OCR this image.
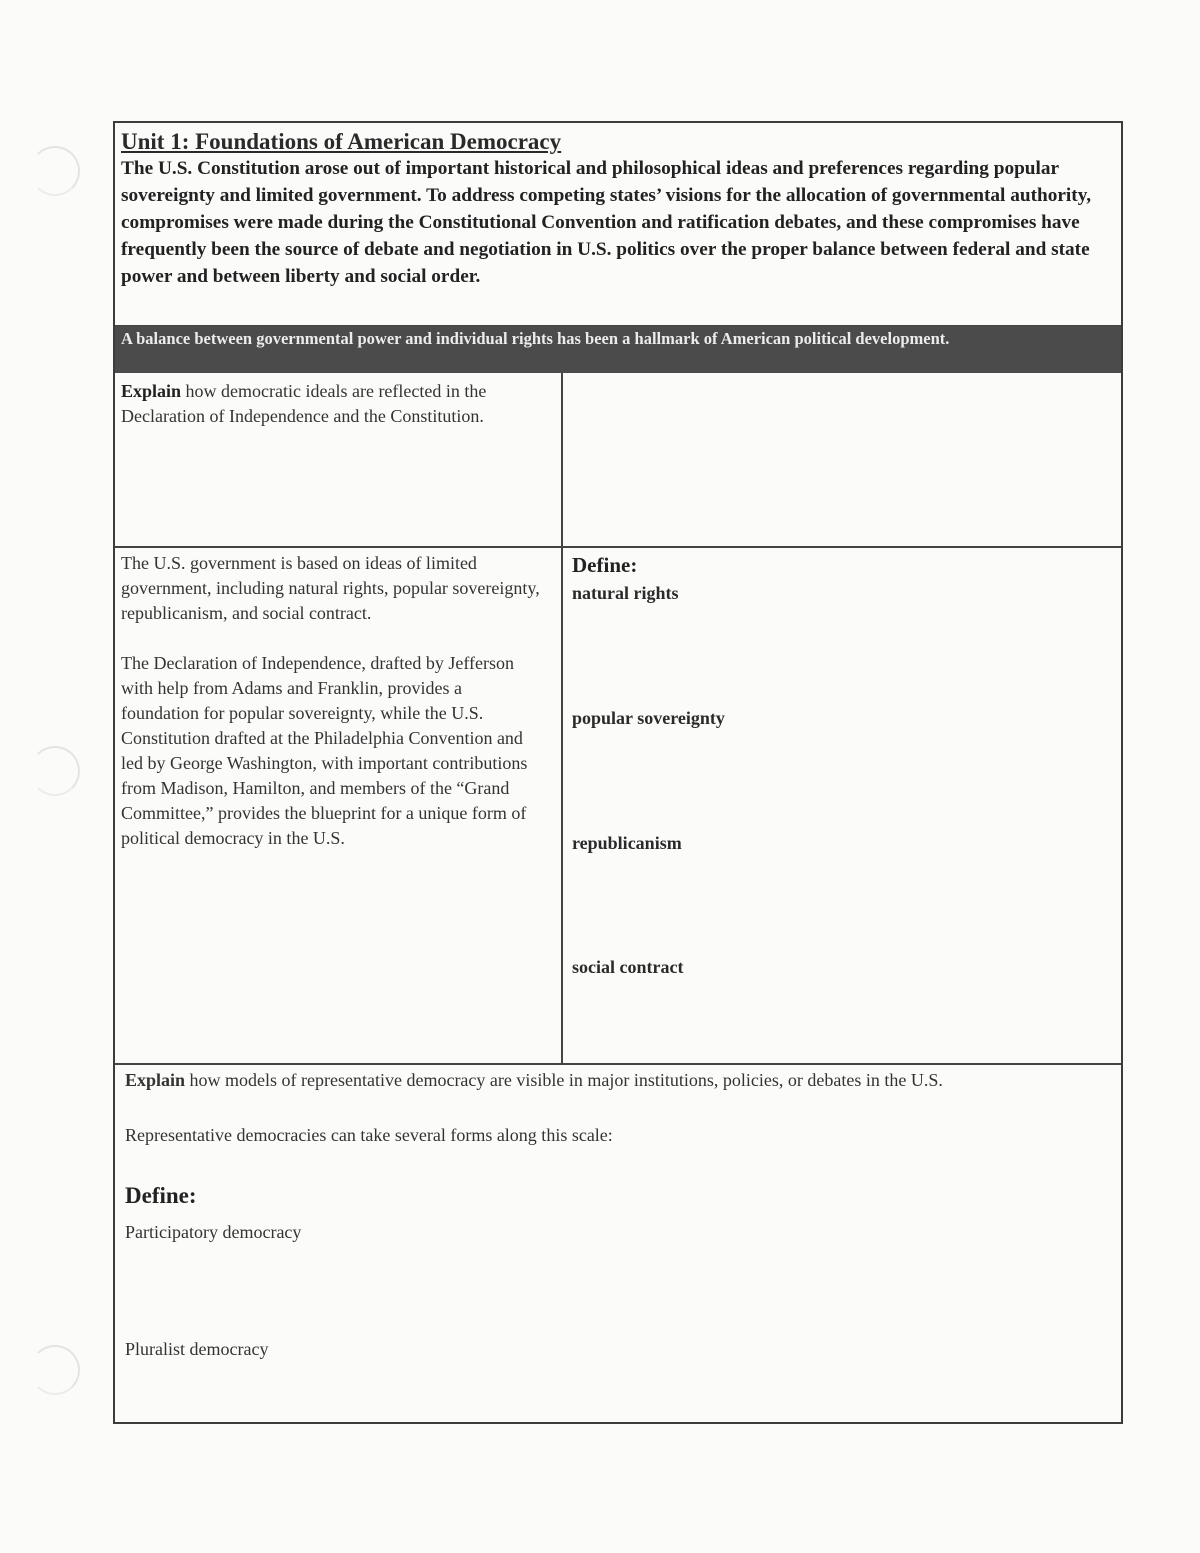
Unit 1: Foundations of American Democracy

The U.S. Constitution arose out of important historical and philosophical ideas and preferences regarding popular sovereignty and limited government. To address competing states’ visions for the allocation of governmental authority, compromises were made during the Constitutional Convention and ratification debates, and these compromises have frequently been the source of debate and negotiation in U.S. politics over the proper balance between federal and state power and between liberty and social order.

A balance between governmental power and individual rights has been a hallmark of American political development.
Explain how democratic ideals are reflected in the Declaration of Independence and the Constitution.
The U.S. government is based on ideas of limited government, including natural rights, popular sovereignty, republicanism, and social contract.
The Declaration of Independence, drafted by Jefferson with help from Adams and Franklin, provides a foundation for popular sovereignty, while the U.S. Constitution drafted at the Philadelphia Convention and led by George Washington, with important contributions from Madison, Hamilton, and members of the “Grand Committee,” provides the blueprint for a unique form of political democracy in the U.S.
Define:
natural rights
popular sovereignty
republicanism
social contract
Explain how models of representative democracy are visible in major institutions, policies, or debates in the U.S.
Representative democracies can take several forms along this scale:
Define:
Participatory democracy
Pluralist democracy
